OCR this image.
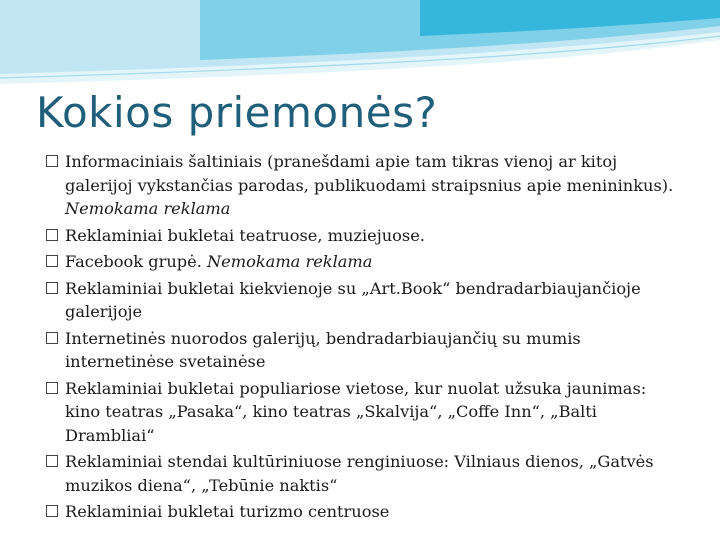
Kokios priemonės?
Informaciniais šaltiniais (pranešdami apie tam tikras vienoj ar kitoj galerijoj vykstančias parodas, publikuodami straipsnius apie menininkus). Nemokama reklama
Reklaminiai bukletai teatruose, muziejuose.
Facebook grupė. Nemokama reklama
Reklaminiai bukletai kiekvienoje su „Art.Book“ bendradarbiaujančioje galerijoje
Internetinės nuorodos galerijų, bendradarbiaujančių su mumis internetinėse svetainėse
Reklaminiai bukletai populiariose vietose, kur nuolat užsuka jaunimas: kino teatras „Pasaka“, kino teatras „Skalvija“, „Coffe Inn“, „Balti Drambliai“
Reklaminiai stendai kultūriniuose renginiuose: Vilniaus dienos, „Gatvės muzikos diena“, „Tebūnie naktis“
Reklaminiai bukletai turizmo centruose
